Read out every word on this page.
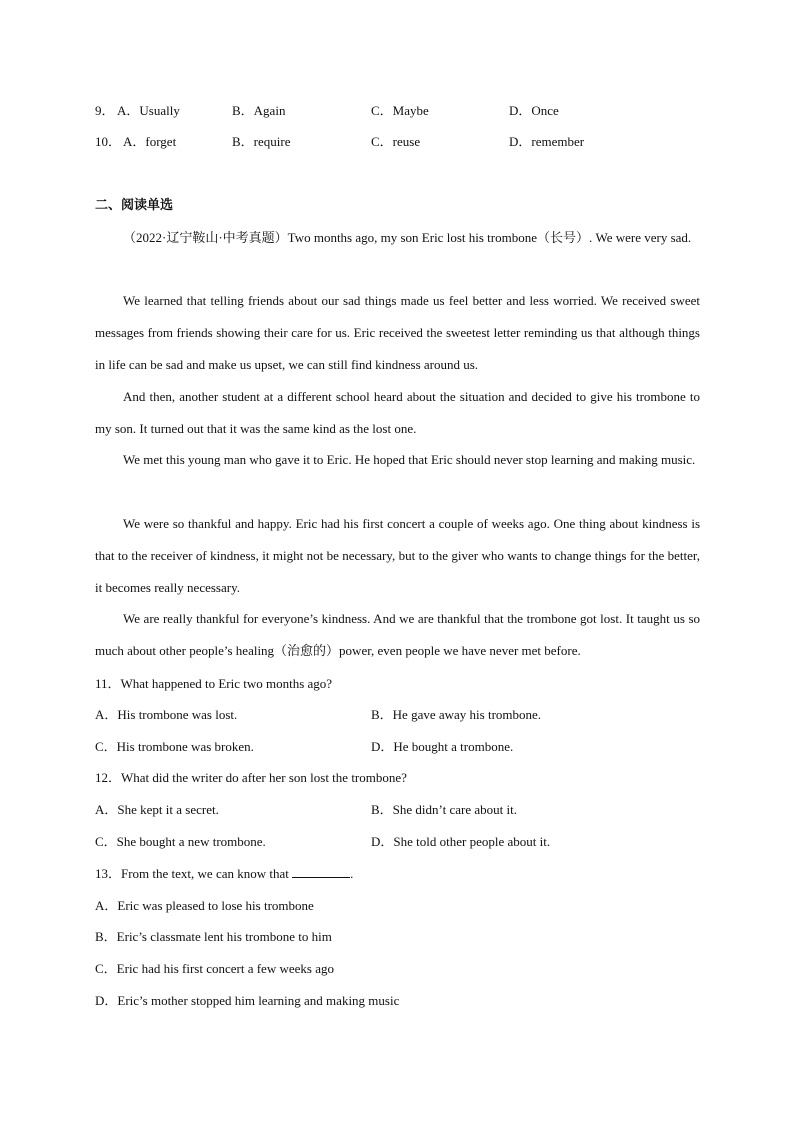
9． A．Usually	B．Again	C．Maybe	D．Once
10． A．forget	B．require	C．reuse	D．remember
二、阅读单选

（2022·辽宁鞍山·中考真题）Two months ago, my son Eric lost his trombone（长号）. We were very sad.

We learned that telling friends about our sad things made us feel better and less worried. We received sweet messages from friends showing their care for us. Eric received the sweetest letter reminding us that although things in life can be sad and make us upset, we can still find kindness around us.

And then, another student at a different school heard about the situation and decided to give his trombone to my son. It turned out that it was the same kind as the lost one.

We met this young man who gave it to Eric. He hoped that Eric should never stop learning and making music.

We were so thankful and happy. Eric had his first concert a couple of weeks ago. One thing about kindness is that to the receiver of kindness, it might not be necessary, but to the giver who wants to change things for the better, it becomes really necessary.

We are really thankful for everyone’s kindness. And we are thankful that the trombone got lost. It taught us so much about other people’s healing（治愈的）power, even people we have never met before.

11．What happened to Eric two months ago?
A．His trombone was lost.	B．He gave away his trombone.
C．His trombone was broken.	D．He bought a trombone.
12．What did the writer do after her son lost the trombone?
A．She kept it a secret.	B．She didn’t care about it.
C．She bought a new trombone.	D．She told other people about it.
13．From the text, we can know that	.
A．Eric was pleased to lose his trombone
B．Eric’s classmate lent his trombone to him
C．Eric had his first concert a few weeks ago
D．Eric’s mother stopped him learning and making music
